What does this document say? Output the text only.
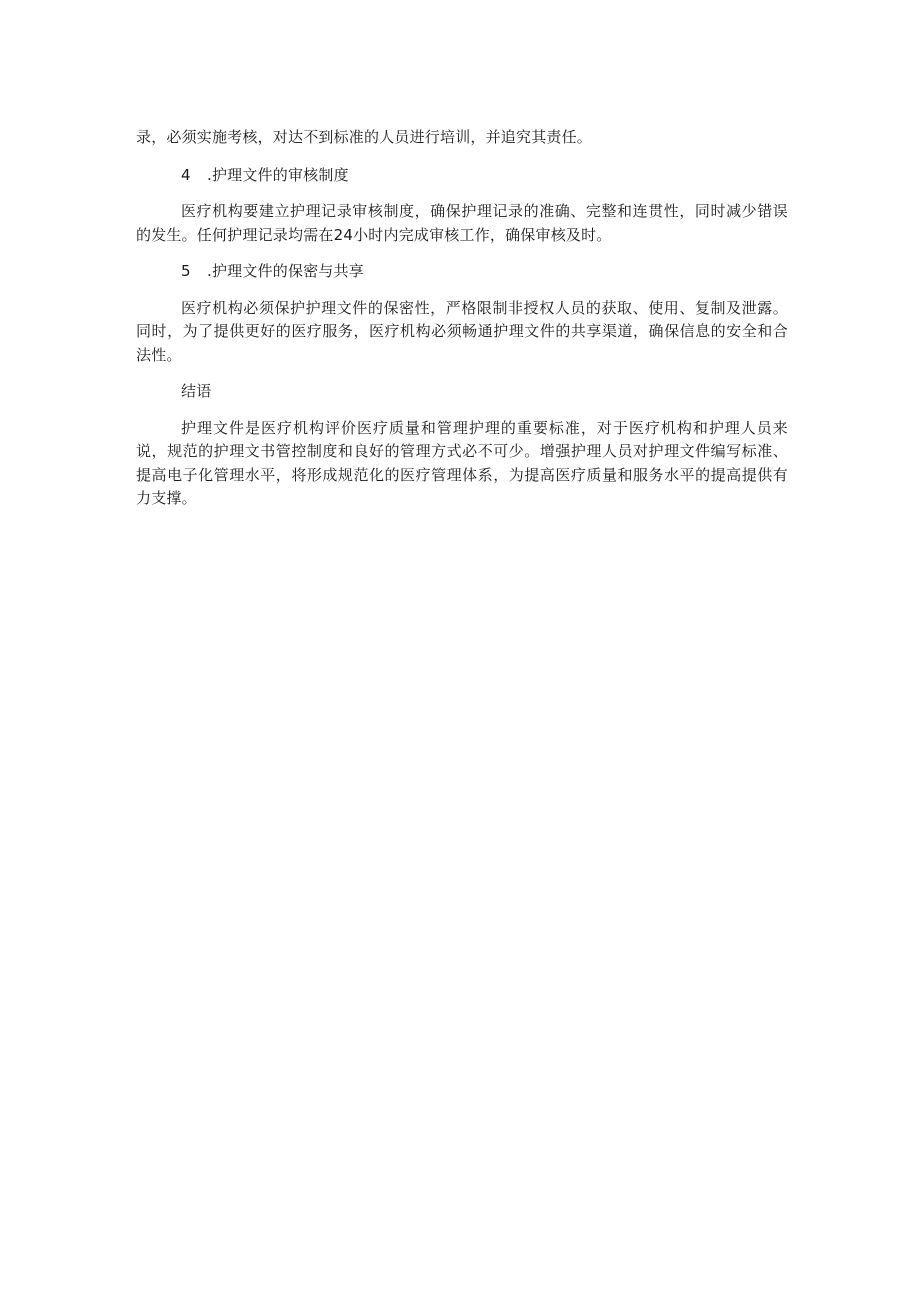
录，必须实施考核，对达不到标准的人员进行培训，并追究其责任。

4 .护理文件的审核制度

医疗机构要建立护理记录审核制度，确保护理记录的准确、完整和连贯性，同时减少错误的发生。任何护理记录均需在24小时内完成审核工作，确保审核及时。

5 .护理文件的保密与共享

医疗机构必须保护护理文件的保密性，严格限制非授权人员的获取、使用、复制及泄露。同时，为了提供更好的医疗服务，医疗机构必须畅通护理文件的共享渠道，确保信息的安全和合法性。

结语

护理文件是医疗机构评价医疗质量和管理护理的重要标准，对于医疗机构和护理人员来说，规范的护理文书管控制度和良好的管理方式必不可少。增强护理人员对护理文件编写标准、提高电子化管理水平，将形成规范化的医疗管理体系，为提高医疗质量和服务水平的提高提供有力支撑。
